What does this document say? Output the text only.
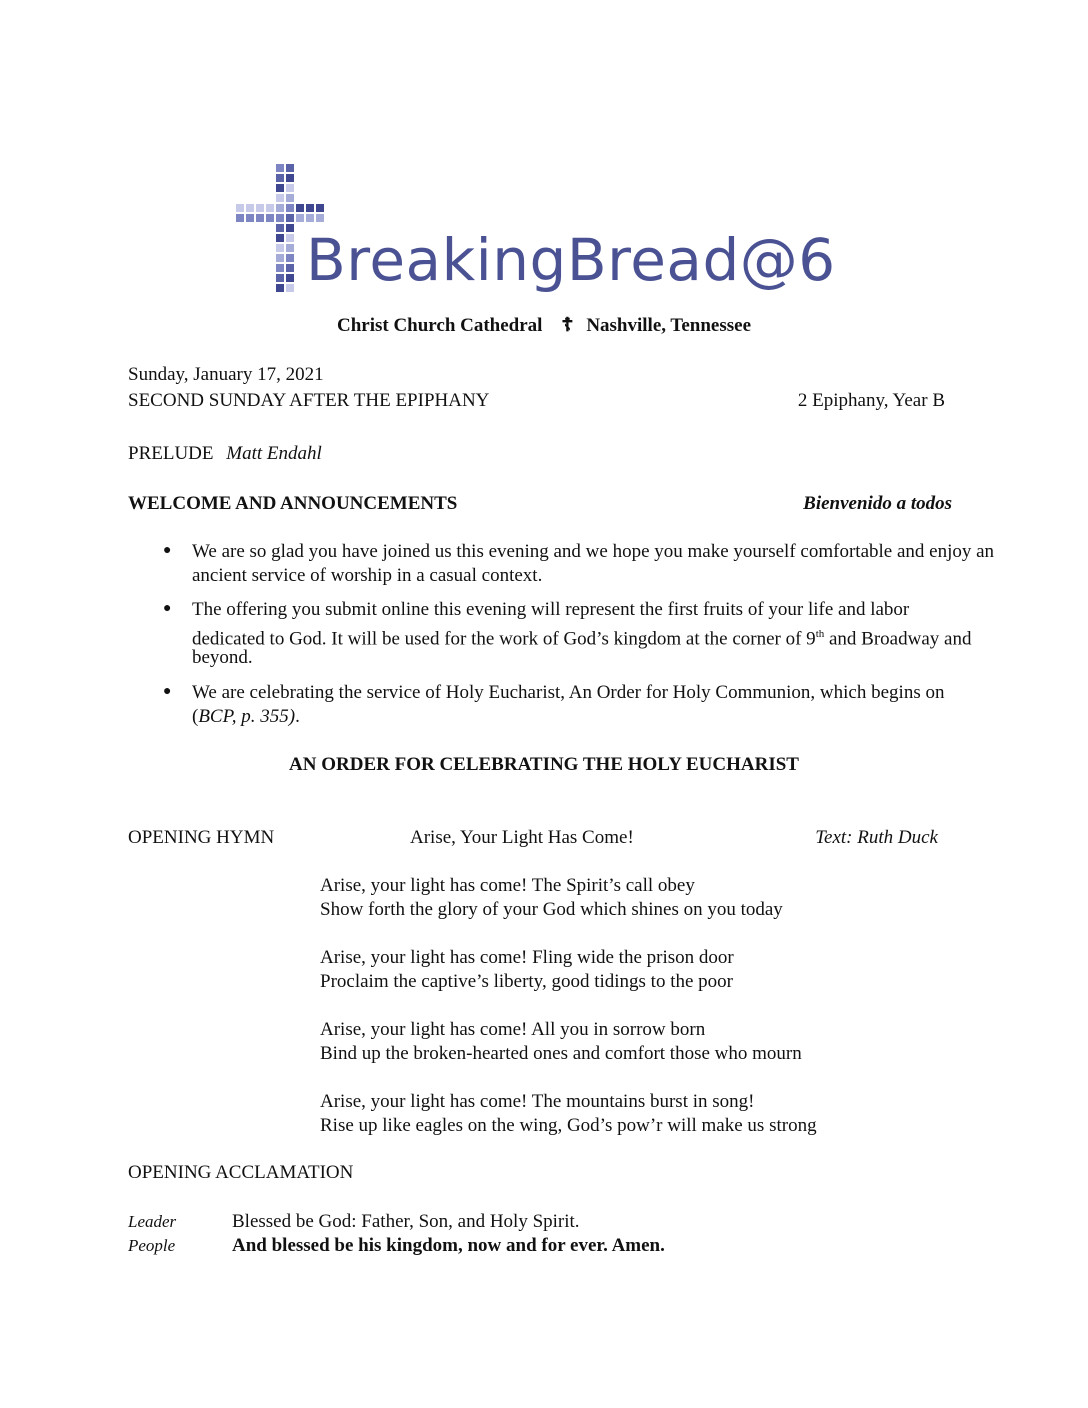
BreakingBread@6
Christ Church Cathedral ☦ Nashville, Tennessee
Sunday, January 17, 2021
SECOND SUNDAY AFTER THE EPIPHANY	2 Epiphany, Year B
PRELUDE Matt Endahl
WELCOME AND ANNOUNCEMENTS	Bienvenido a todos
● We are so glad you have joined us this evening and we hope you make yourself comfortable and enjoy an
ancient service of worship in a casual context.
● The offering you submit online this evening will represent the first fruits of your life and labor
dedicated to God. It will be used for the work of God’s kingdom at the corner of 9th and Broadway and
beyond.
● We are celebrating the service of Holy Eucharist, An Order for Holy Communion, which begins on
(BCP, p. 355).
AN ORDER FOR CELEBRATING THE HOLY EUCHARIST
OPENING HYMN	Arise, Your Light Has Come!	Text: Ruth Duck
Arise, your light has come! The Spirit’s call obey
Show forth the glory of your God which shines on you today
Arise, your light has come! Fling wide the prison door
Proclaim the captive’s liberty, good tidings to the poor
Arise, your light has come! All you in sorrow born
Bind up the broken-hearted ones and comfort those who mourn
Arise, your light has come! The mountains burst in song!
Rise up like eagles on the wing, God’s pow’r will make us strong
OPENING ACCLAMATION
Leader	Blessed be God: Father, Son, and Holy Spirit.
People	And blessed be his kingdom, now and for ever. Amen.
